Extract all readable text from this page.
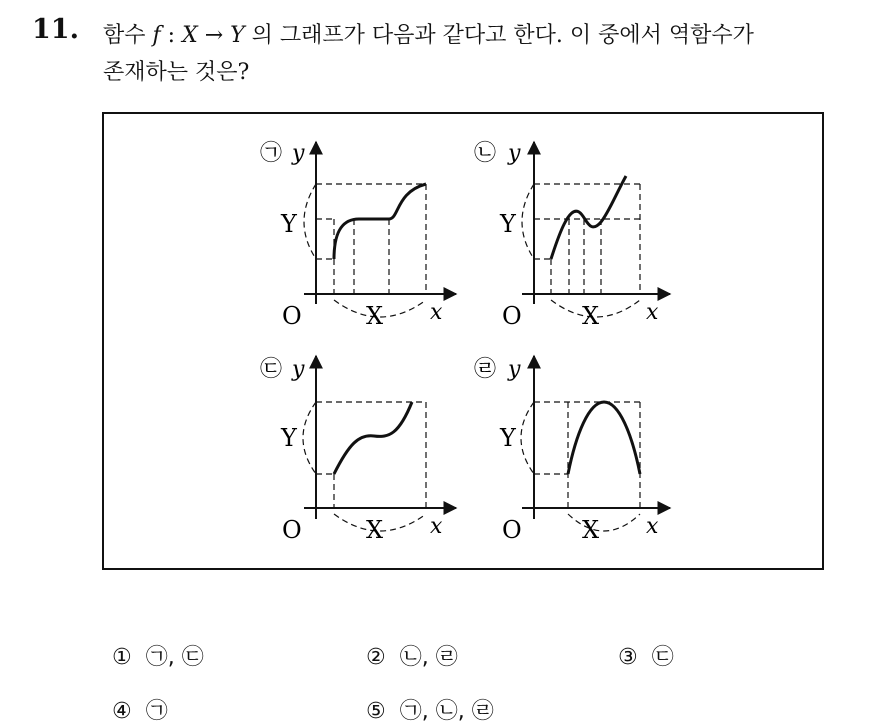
11. 함수 f : X → Y 의 그래프가 다음과 같다고 한다. 이 중에서 역함수가
존재하는 것은?
㉠ y
Y
O	X x
㉡ y
Y
O	X x
㉢ y
Y
O	X x
㉣ y
Y
O	X x
① ㉠, ㉢	② ㉡, ㉣	③ ㉢
④ ㉠	⑤ ㉠, ㉡, ㉣
